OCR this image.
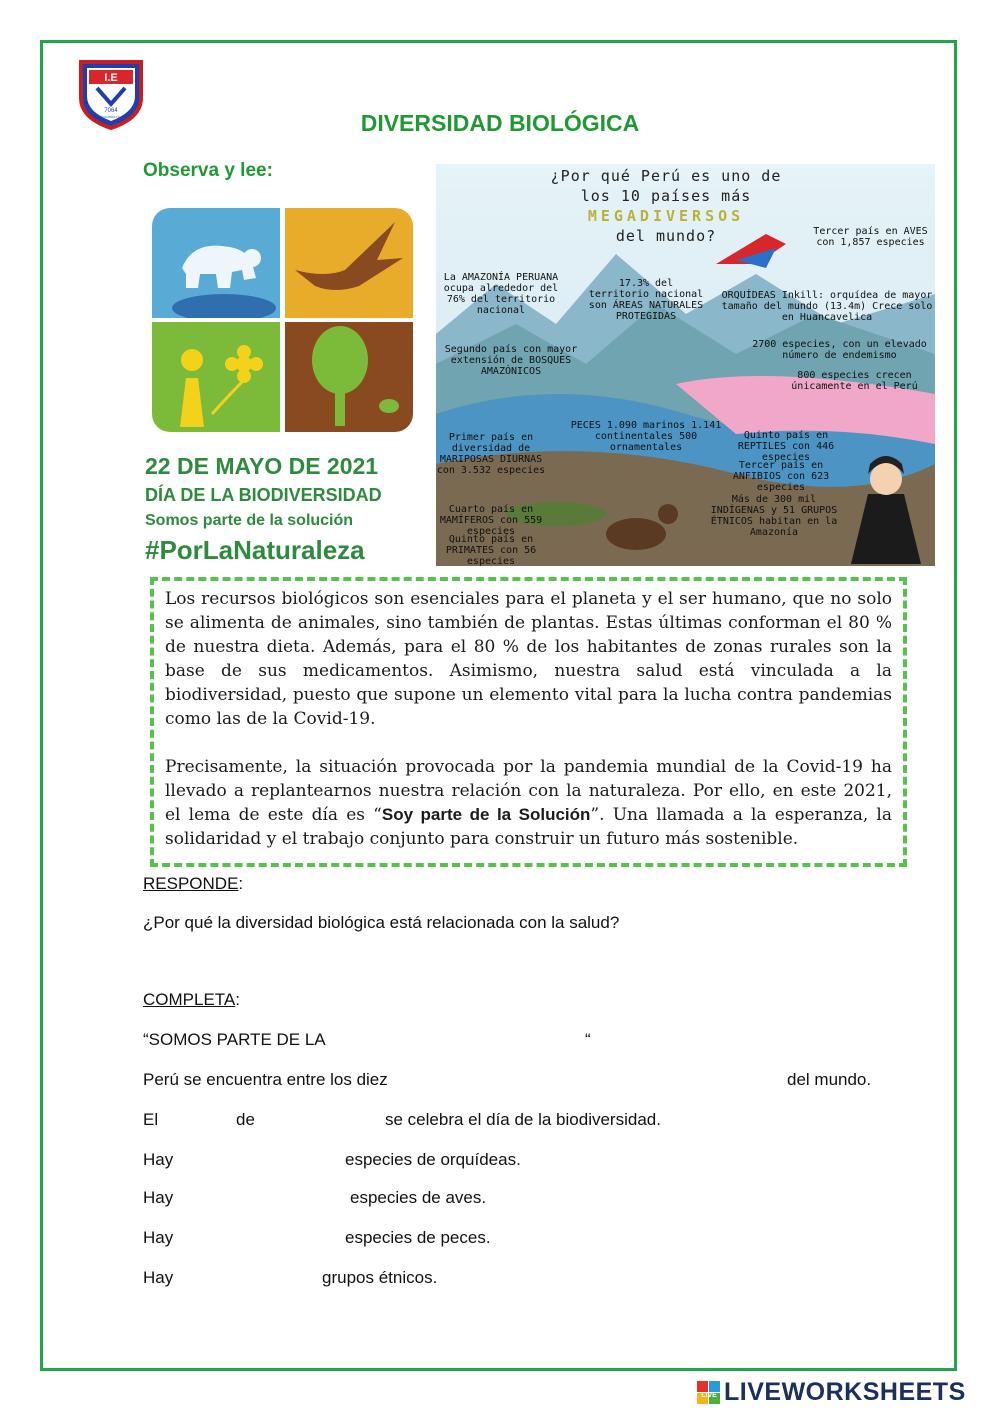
I.E
7064
SUEÑOS PARA TU NIÑA	DIVERSIDAD BIOLÓGICA
Observa y lee:
22 DE MAYO DE 2021
DÍA DE LA BIODIVERSIDAD
Somos parte de la solución
#PorLaNaturaleza
¿Por qué Perú es uno de
los 10 países más
MEGADIVERSOS
del mundo?	Tercer país en AVES con 1,857 especies
La AMAZONÍA PERUANA ocupa alrededor del 76% del territorio nacional
17.3% del territorio nacional son ÁREAS NATURALES PROTEGIDAS
ORQUÍDEAS Inkill: orquídea de mayor tamaño del mundo (13.4m) Crece solo en Huancavelica
2700 especies, con un elevado número de endemismo
800 especies crecen únicamente en el Perú
Segundo país con mayor extensión de BOSQUES AMAZÓNICOS
PECES 1.090 marinos 1.141 continentales 500 ornamentales
Primer país en diversidad de MARIPOSAS DIURNAS con 3.532 especies
Quinto país en REPTILES con 446 especies
Tercer país en ANFIBIOS con 623 especies
Cuarto país en MAMÍFEROS con 559 especies
Quinto país en PRIMATES con 56 especies
Más de 300 mil INDÍGENAS y 51 GRUPOS ÉTNICOS habitan en la Amazonía
Los recursos biológicos son esenciales para el planeta y el ser humano, que no solo se alimenta de animales, sino también de plantas. Estas últimas conforman el 80 % de nuestra dieta. Además, para el 80 % de los habitantes de zonas rurales son la base de sus medicamentos. Asimismo, nuestra salud está vinculada a la biodiversidad, puesto que supone un elemento vital para la lucha contra pandemias como las de la Covid-19.
Precisamente, la situación provocada por la pandemia mundial de la Covid-19 ha llevado a replantearnos nuestra relación con la naturaleza. Por ello, en este 2021, el lema de este día es “Soy parte de la Solución”. Una llamada a la esperanza, la solidaridad y el trabajo conjunto para construir un futuro más sostenible.
RESPONDE:
¿Por qué la diversidad biológica está relacionada con la salud?
COMPLETA:
“SOMOS PARTE DE LA	“
Perú se encuentra entre los diez	del mundo.
El	de	se celebra el día de la biodiversidad.
Hay	especies de orquídeas.
Hay	especies de aves.
Hay	especies de peces.
Hay	grupos étnicos.
LIVE LIVEWORKSHEETS
